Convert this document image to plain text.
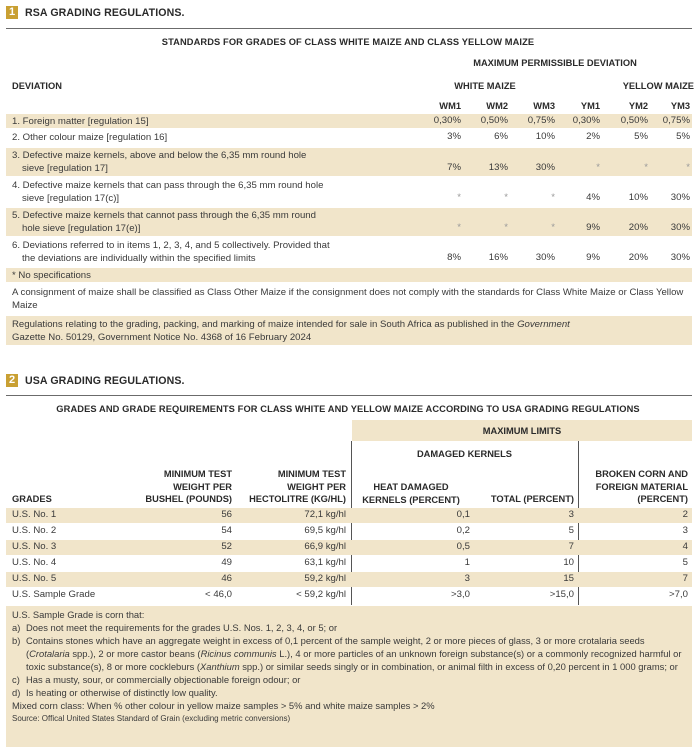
1 RSA GRADING REGULATIONS.
STANDARDS FOR GRADES OF CLASS WHITE MAIZE AND CLASS YELLOW MAIZE
MAXIMUM PERMISSIBLE DEVIATION
WHITE MAIZE	YELLOW MAIZE
DEVIATION
WM1	WM2	WM3	YM1	YM2	YM3
1. Foreign matter [regulation 15]	0,30%	0,50%	0,75%	0,30%	0,50%	0,75%
2. Other colour maize [regulation 16]	3%	6%	10%	2%	5%	5%
3. Defective maize kernels, above and below the 6,35 mm round hole
sieve [regulation 17]	7%	13%	30%	*	*	*
4. Defective maize kernels that can pass through the 6,35 mm round hole
sieve [regulation 17(c)]	*	*	*	4%	10%	30%
5. Defective maize kernels that cannot pass through the 6,35 mm round
hole sieve [regulation 17(e)]	*	*	*	9%	20%	30%
6. Deviations referred to in items 1, 2, 3, 4, and 5 collectively. Provided that
the deviations are individually within the specified limits	8%	16%	30%	9%	20%	30%
* No specifications
A consignment of maize shall be classified as Class Other Maize if the consignment does not comply with the standards for Class White Maize or Class Yellow Maize
Regulations relating to the grading, packing, and marking of maize intended for sale in South Africa as published in the Government
Gazette No. 50129, Government Notice No. 4368 of 16 February 2024
2 USA GRADING REGULATIONS.
GRADES AND GRADE REQUIREMENTS FOR CLASS WHITE AND YELLOW MAIZE ACCORDING TO USA GRADING REGULATIONS
MAXIMUM LIMITS
DAMAGED KERNELS
GRADES
MINIMUM TEST
WEIGHT PER
BUSHEL (POUNDS)
MINIMUM TEST
WEIGHT PER
HECTOLITRE (KG/HL)
HEAT DAMAGED
KERNELS (PERCENT)	TOTAL (PERCENT)
BROKEN CORN AND
FOREIGN MATERIAL
(PERCENT)
U.S. No. 1	56	72,1 kg/hl	0,1	3	2
U.S. No. 2	54	69,5 kg/hl	0,2	5	3
U.S. No. 3	52	66,9 kg/hl	0,5	7	4
U.S. No. 4	49	63,1 kg/hl	1	10	5
U.S. No. 5	46	59,2 kg/hl	3	15	7
U.S. Sample Grade	< 46,0	< 59,2 kg/hl	>3,0	>15,0	>7,0
U.S. Sample Grade is corn that:
a) Does not meet the requirements for the grades U.S. Nos. 1, 2, 3, 4, or 5; or
b) Contains stones which have an aggregate weight in excess of 0,1 percent of the sample weight, 2 or more pieces of glass, 3 or more crotalaria seeds (Crotalaria spp.), 2 or more castor beans (Ricinus communis L.), 4 or more particles of an unknown foreign substance(s) or a commonly recognized harmful or toxic substance(s), 8 or more cockleburs (Xanthium spp.) or similar seeds singly or in combination, or animal filth in excess of 0,20 percent in 1 000 grams; or
c) Has a musty, sour, or commercially objectionable foreign odour; or
d) Is heating or otherwise of distinctly low quality.
Mixed corn class: When % other colour in yellow maize samples > 5% and white maize samples > 2%
Source: Offical United States Standard of Grain (excluding metric conversions)
